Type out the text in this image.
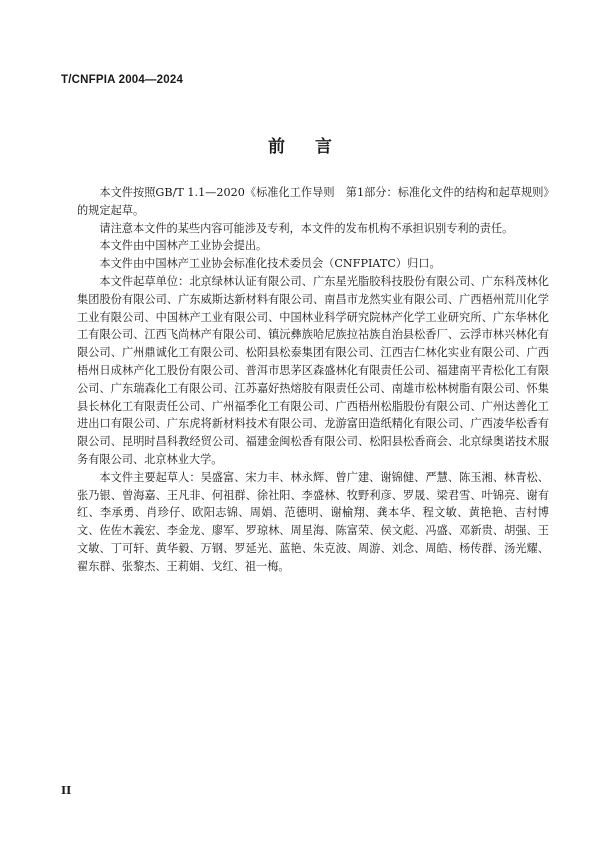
T/CNFPIA 2004—2024
前言

本文件按照GB/T 1.1—2020《标准化工作导则　第1部分：标准化文件的结构和起草规则》的规定起草。

请注意本文件的某些内容可能涉及专利，本文件的发布机构不承担识别专利的责任。

本文件由中国林产工业协会提出。

本文件由中国林产工业协会标准化技术委员会（CNFPIATC）归口。

本文件起草单位：北京绿林认证有限公司、广东星光脂胶科技股份有限公司、广东科茂林化集团股份有限公司、广东威斯达新材料有限公司、南昌市龙然实业有限公司、广西梧州荒川化学工业有限公司、中国林产工业有限公司、中国林业科学研究院林产化学工业研究所、广东华林化工有限公司、江西飞尚林产有限公司、镇沅彝族哈尼族拉祜族自治县松香厂、云浮市林兴林化有限公司、广州鼎诚化工有限公司、松阳县松泰集团有限公司、江西吉仁林化实业有限公司、广西梧州日成林产化工股份有限公司、普洱市思茅区森盛林化有限责任公司、福建南平青松化工有限公司、广东瑞森化工有限公司、江苏嘉好热熔胶有限责任公司、南雄市松林树脂有限公司、怀集县长林化工有限责任公司、广州福季化工有限公司、广西梧州松脂股份有限公司、广州达善化工进出口有限公司、广东虎将新材料技术有限公司、龙游富田造纸精化有限公司、广西凌华松香有限公司、昆明时昌科教经贸公司、福建金闽松香有限公司、松阳县松香商会、北京绿奥诺技术服务有限公司、北京林业大学。

本文件主要起草人：吴盛富、宋力丰、林永辉、曾广建、谢锦健、严慧、陈玉湘、林青松、张乃银、曾海嘉、王凡非、何祖群、徐社阳、李盛林、牧野利彦、罗晟、梁君雪、叶锦亮、谢有红、李承勇、肖珍仔、欧阳志锦、周娟、范德明、谢榆翔、龚本华、程文敏、黄艳艳、吉村博文、佐佐木義宏、李金龙、廖军、罗琼林、周星海、陈富荣、侯文彪、冯盛、邓新贵、胡强、王文敏、丁可轩、黄华毅、万钢、罗延光、蓝艳、朱克波、周游、刘念、周皓、杨传群、汤光耀、翟东群、张黎杰、王莉娟、戈红、祖一梅。

II
